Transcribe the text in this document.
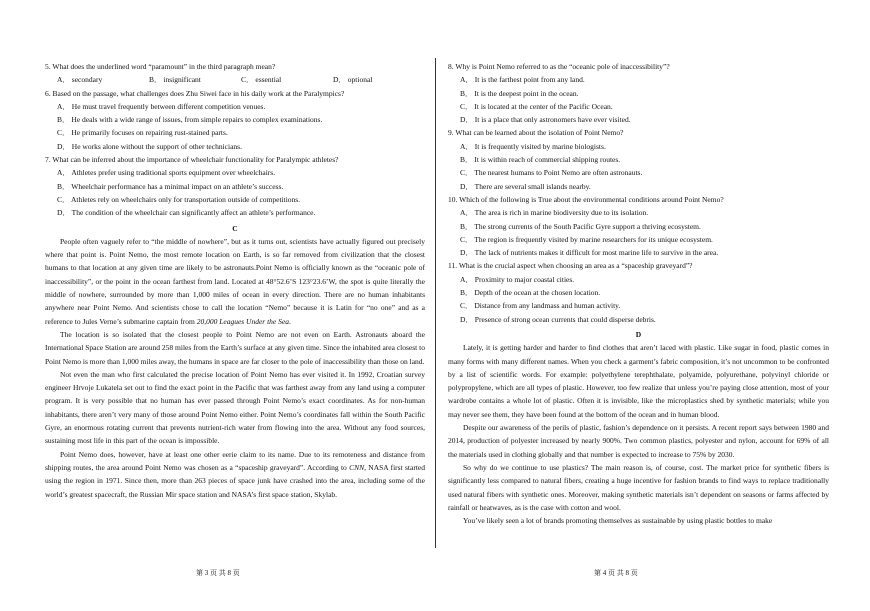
5. What does the underlined word “paramount” in the third paragraph mean?

A． secondary	B． insignificant	C． essential	D． optional

6. Based on the passage, what challenges does Zhu Siwei face in his daily work at the Paralympics?

A． He must travel frequently between different competition venues.

B． He deals with a wide range of issues, from simple repairs to complex examinations.

C． He primarily focuses on repairing rust-stained parts.

D． He works alone without the support of other technicians.

7. What can be inferred about the importance of wheelchair functionality for Paralympic athletes?

A． Athletes prefer using traditional sports equipment over wheelchairs.

B． Wheelchair performance has a minimal impact on an athlete’s success.

C． Athletes rely on wheelchairs only for transportation outside of competitions.

D． The condition of the wheelchair can significantly affect an athlete’s performance.

C

People often vaguely refer to “the middle of nowhere”, but as it turns out, scientists have actually figured out precisely where that point is. Point Nemo, the most remote location on Earth, is so far removed from civilization that the closest humans to that location at any given time are likely to be astronauts.Point Nemo is officially known as the “oceanic pole of inaccessibility”, or the point in the ocean farthest from land. Located at 48°52.6’S 123°23.6’W, the spot is quite literally the middle of nowhere, surrounded by more than 1,000 miles of ocean in every direction. There are no human inhabitants anywhere near Point Nemo. And scientists chose to call the location “Nemo” because it is Latin for “no one” and as a reference to Jules Verne’s submarine captain from 20,000 Leagues Under the Sea.

The location is so isolated that the closest people to Point Nemo are not even on Earth. Astronauts aboard the International Space Station are around 258 miles from the Earth’s surface at any given time. Since the inhabited area closest to Point Nemo is more than 1,000 miles away, the humans in space are far closer to the pole of inaccessibility than those on land.

Not even the man who first calculated the precise location of Point Nemo has ever visited it. In 1992, Croatian survey engineer Hrvoje Lukatela set out to find the exact point in the Pacific that was farthest away from any land using a computer program. It is very possible that no human has ever passed through Point Nemo’s exact coordinates. As for non-human inhabitants, there aren’t very many of those around Point Nemo either. Point Nemo’s coordinates fall within the South Pacific Gyre, an enormous rotating current that prevents nutrient-rich water from flowing into the area. Without any food sources, sustaining most life in this part of the ocean is impossible.

Point Nemo does, however, have at least one other eerie claim to its name. Due to its remoteness and distance from shipping routes, the area around Point Nemo was chosen as a “spaceship graveyard”. According to CNN, NASA first started using the region in 1971. Since then, more than 263 pieces of space junk have crashed into the area, including some of the world’s greatest spacecraft, the Russian Mir space station and NASA’s first space station, Skylab.

8. Why is Point Nemo referred to as the “oceanic pole of inaccessibility”?

A． It is the farthest point from any land.

B． It is the deepest point in the ocean.

C． It is located at the center of the Pacific Ocean.

D． It is a place that only astronomers have ever visited.

9. What can be learned about the isolation of Point Nemo?

A． It is frequently visited by marine biologists.

B． It is within reach of commercial shipping routes.

C． The nearest humans to Point Nemo are often astronauts.

D． There are several small islands nearby.

10. Which of the following is True about the environmental conditions around Point Nemo?

A． The area is rich in marine biodiversity due to its isolation.

B． The strong currents of the South Pacific Gyre support a thriving ecosystem.

C． The region is frequently visited by marine researchers for its unique ecosystem.

D． The lack of nutrients makes it difficult for most marine life to survive in the area.

11. What is the crucial aspect when choosing an area as a “spaceship graveyard”?

A． Proximity to major coastal cities.

B． Depth of the ocean at the chosen location.

C． Distance from any landmass and human activity.

D． Presence of strong ocean currents that could disperse debris.

D

Lately, it is getting harder and harder to find clothes that aren’t laced with plastic. Like sugar in food, plastic comes in many forms with many different names. When you check a garment’s fabric composition, it’s not uncommon to be confronted by a list of scientific words. For example: polyethylene terephthalate, polyamide, polyurethane, polyvinyl chloride or polypropylene, which are all types of plastic. However, too few realize that unless you’re paying close attention, most of your wardrobe contains a whole lot of plastic. Often it is invisible, like the microplastics shed by synthetic materials; while you may never see them, they have been found at the bottom of the ocean and in human blood.

Despite our awareness of the perils of plastic, fashion’s dependence on it persists. A recent report says between 1980 and 2014, production of polyester increased by nearly 900%. Two common plastics, polyester and nylon, account for 69% of all the materials used in clothing globally and that number is expected to increase to 75% by 2030.

So why do we continue to use plastics? The main reason is, of course, cost. The market price for synthetic fibers is significantly less compared to natural fibers, creating a huge incentive for fashion brands to find ways to replace traditionally used natural fibers with synthetic ones. Moreover, making synthetic materials isn’t dependent on seasons or farms affected by rainfall or heatwaves, as is the case with cotton and wool.

You’ve likely seen a lot of brands promoting themselves as sustainable by using plastic bottles to make

第 3 页 共 8 页	第 4 页 共 8 页
